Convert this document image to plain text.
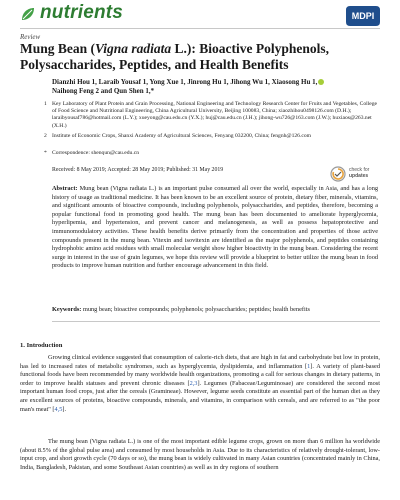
nutrients	MDPI
Review
Mung Bean (Vigna radiata L.): Bioactive Polyphenols, Polysaccharides, Peptides, and Health Benefits
Dianzhi Hou 1, Laraib Yousaf 1, Yong Xue 1, Jinrong Hu 1, Jihong Wu 1, Xiaosong Hu 1,
Naihong Feng 2 and Qun Shen 1,*
1 Key Laboratory of Plant Protein and Grain Processing, National Engineering and Technology Research Center for Fruits and Vegetables, College of Food Science and Nutritional Engineering, China Agricultural University, Beijing 100083, China; xiaozhihou0498126.com (D.H.); laraibyousaf786@hotmail.com (L.Y.); xueyong@cau.edu.cn (Y.X.); huj@cau.edu.cn (J.H.); jihong-wu726@163.com (J.W.); huxiaos@263.net (X.H.)
2 Institute of Economic Crops, Shanxi Academy of Agricultural Sciences, Fenyang 032200, China; fengnh@126.com
* Correspondence: shenqun@cau.edu.cn
check for
updates
Received: 8 May 2019; Accepted: 28 May 2019; Published: 31 May 2019
Abstract: Mung bean (Vigna radiata L.) is an important pulse consumed all over the world, especially in Asia, and has a long history of usage as traditional medicine. It has been known to be an excellent source of protein, dietary fiber, minerals, vitamins, and significant amounts of bioactive compounds, including polyphenols, polysaccharides, and peptides, therefore, becoming a popular functional food in promoting good health. The mung bean has been documented to ameliorate hyperglycemia, hyperlipemia, and hypertension, and prevent cancer and melanogenesis, as well as possess hepatoprotective and immunomodulatory activities. These health benefits derive primarily from the concentration and properties of those active compounds present in the mung bean. Vitexin and isovitexin are identified as the major polyphenols, and peptides containing hydrophobic amino acid residues with small molecular weight show higher bioactivity in the mung bean. Considering the recent surge in interest in the use of grain legumes, we hope this review will provide a blueprint to better utilize the mung bean in food products to improve human nutrition and further encourage advancement in this field.
Keywords: mung bean; bioactive compounds; polyphenols; polysaccharides; peptides; health benefits
1. Introduction
Growing clinical evidence suggested that consumption of calorie-rich diets, that are high in fat and carbohydrate but low in protein, has led to increased rates of metabolic syndromes, such as hyperglycemia, dyslipidemia, and inflammation [1]. A variety of plant-based functional foods have been recommended by many worldwide health organizations, promoting a call for serious changes in dietary patterns, in order to improve health statuses and prevent chronic diseases [2,3]. Legumes (Fabaceae/Leguminosae) are considered the second most important human food crops, just after the cereals (Gramineae). However, legume seeds constitute an essential part of the human diet as they are excellent sources of proteins, bioactive compounds, minerals, and vitamins, in comparison with cereals, and are referred to as "the poor man's meat" [4,5].
The mung bean (Vigna radiata L.) is one of the most important edible legume crops, grown on more than 6 million ha worldwide (about 8.5% of the global pulse area) and consumed by most households in Asia. Due to its characteristics of relatively drought-tolerant, low-input crop, and short growth cycle (70 days or so), the mung bean is widely cultivated in many Asian countries (concentrated mainly in China, India, Bangladesh, Pakistan, and some Southeast Asian countries) as well as in dry regions of southern
